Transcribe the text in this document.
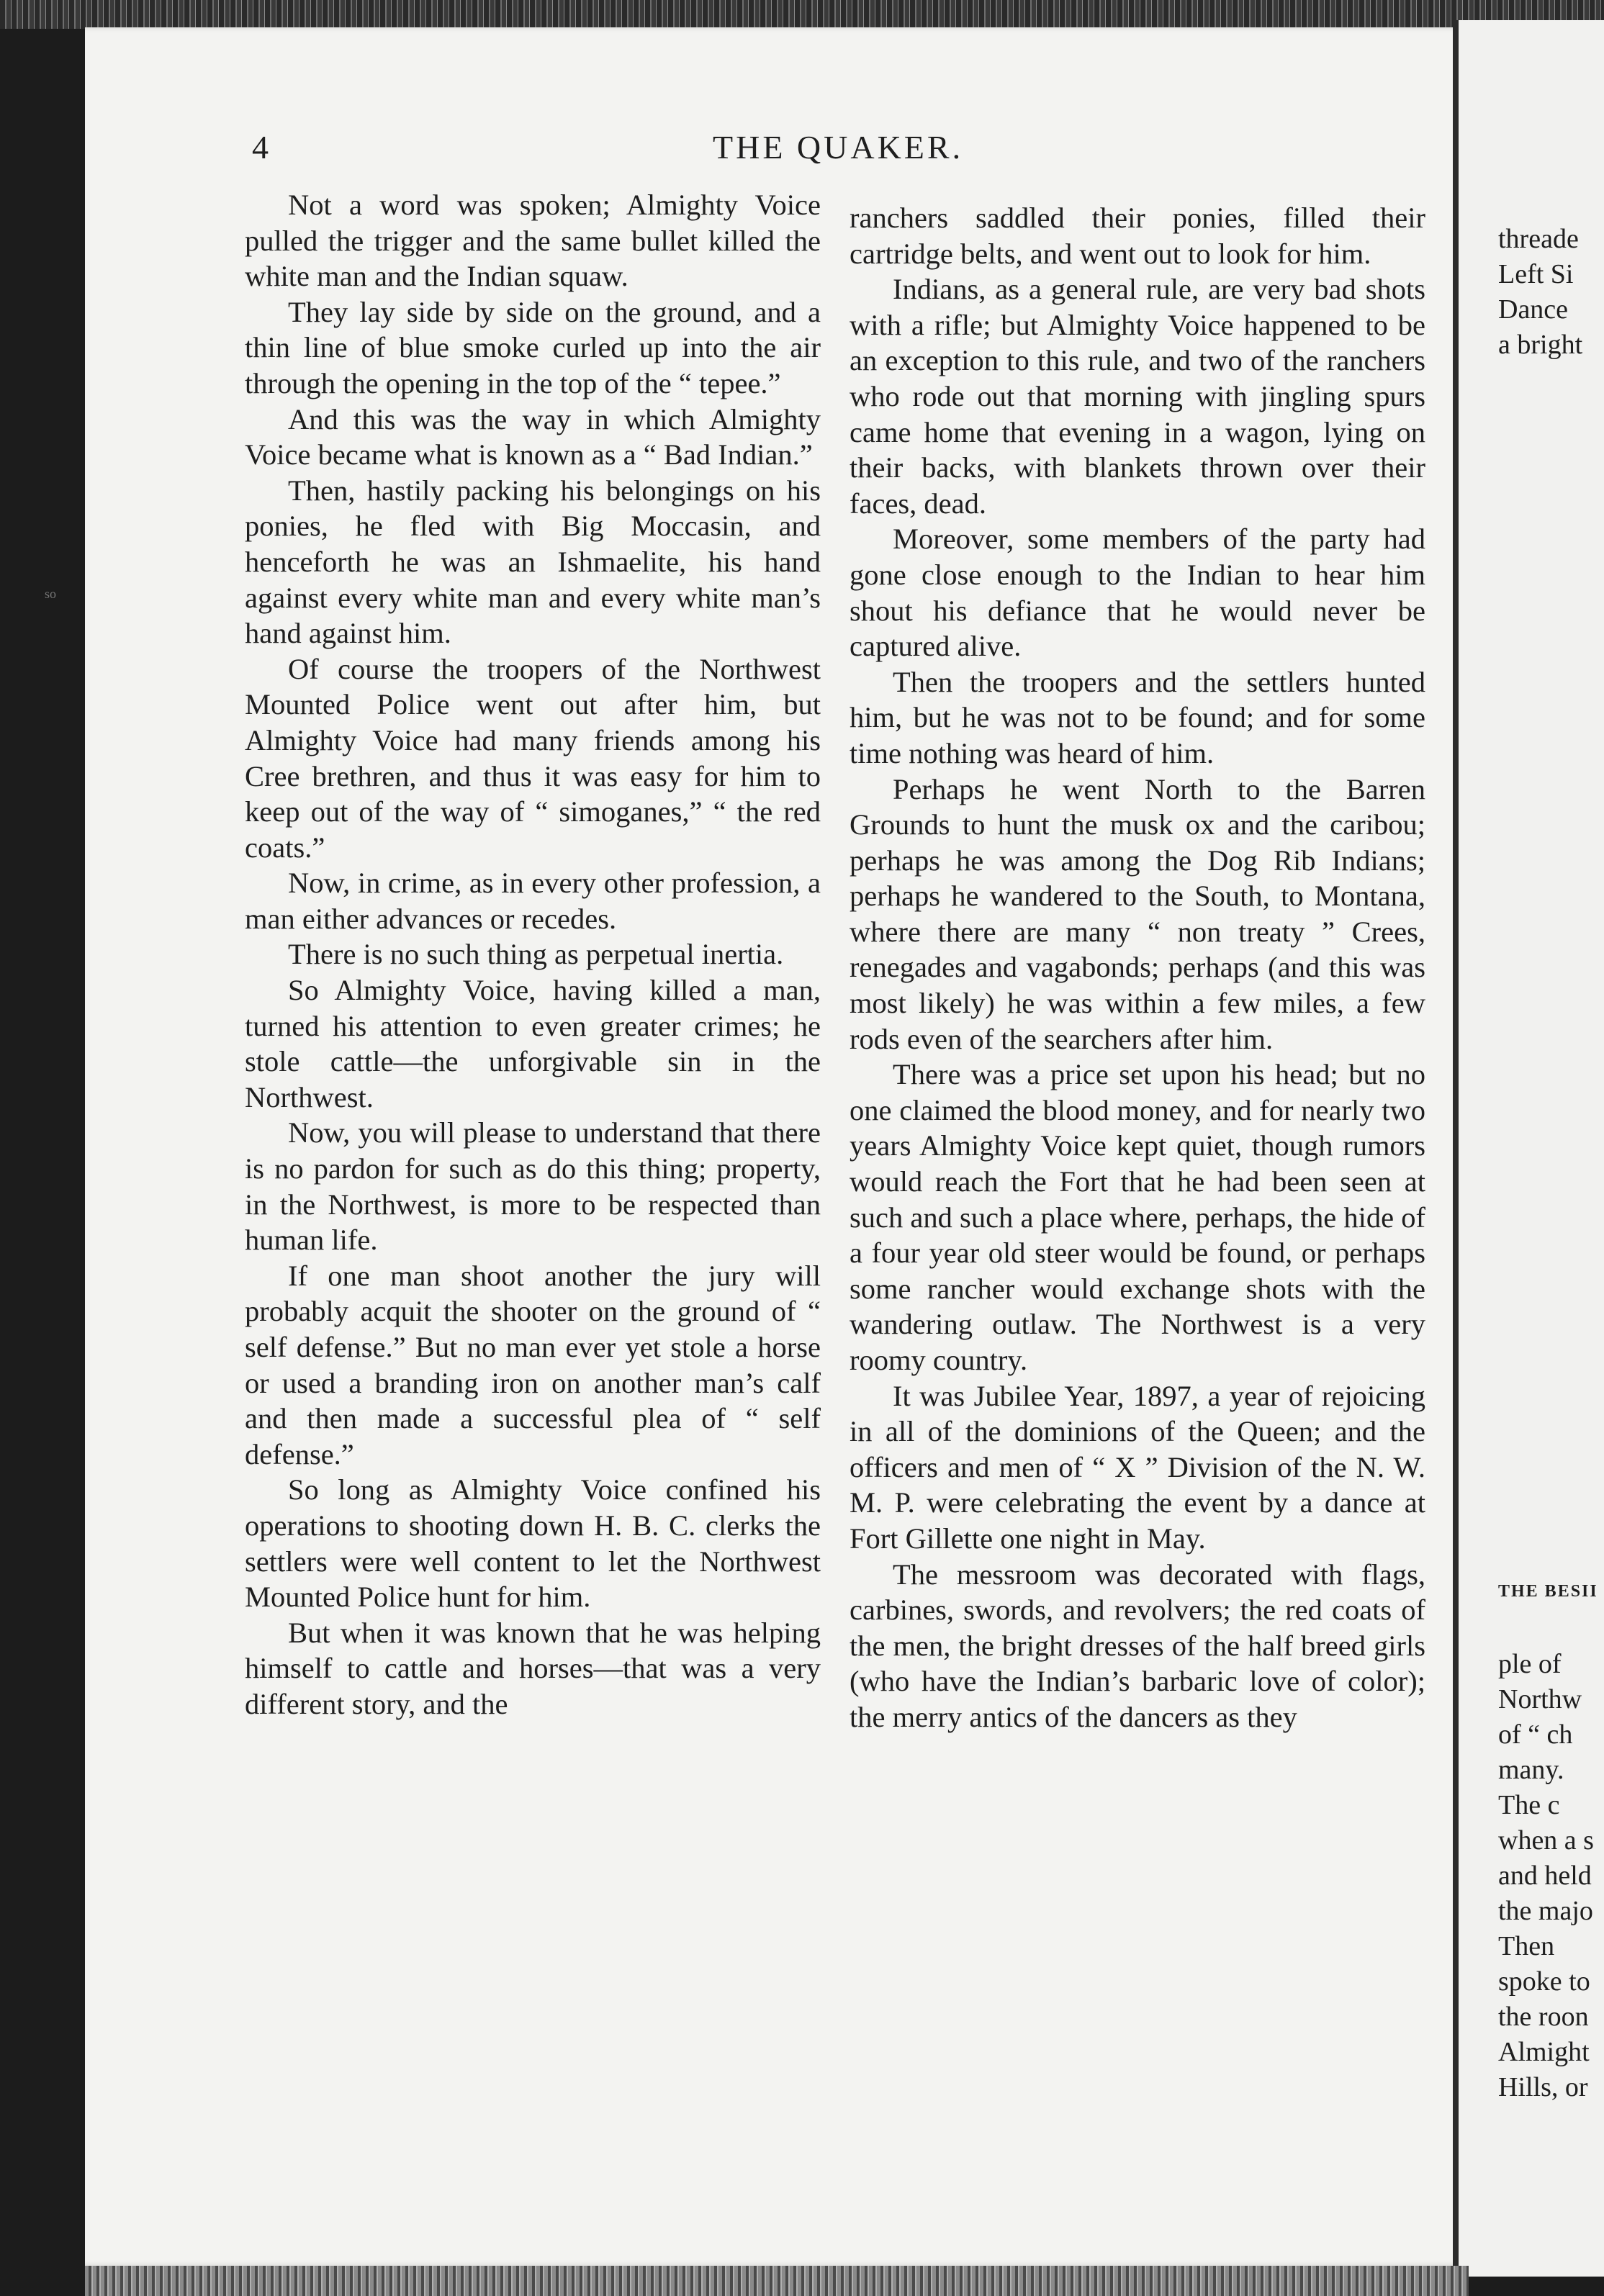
4	THE QUAKER.
so

Not a word was spoken; Almighty Voice pulled the trigger and the same bullet killed the white man and the Indian squaw.

They lay side by side on the ground, and a thin line of blue smoke curled up into the air through the opening in the top of the “ tepee.”

And this was the way in which Almighty Voice became what is known as a “ Bad Indian.”

Then, hastily packing his belongings on his ponies, he fled with Big Moccasin, and henceforth he was an Ishmaelite, his hand against every white man and every white man’s hand against him.

Of course the troopers of the Northwest Mounted Police went out after him, but Almighty Voice had many friends among his Cree brethren, and thus it was easy for him to keep out of the way of “ simoganes,” “ the red coats.”

Now, in crime, as in every other profession, a man either advances or recedes.

There is no such thing as perpetual inertia.

So Almighty Voice, having killed a man, turned his attention to even greater crimes; he stole cattle—the unforgivable sin in the Northwest.

Now, you will please to understand that there is no pardon for such as do this thing; property, in the Northwest, is more to be respected than human life.

If one man shoot another the jury will probably acquit the shooter on the ground of “ self defense.” But no man ever yet stole a horse or used a branding iron on another man’s calf and then made a successful plea of “ self defense.”

So long as Almighty Voice confined his operations to shooting down H. B. C. clerks the settlers were well content to let the Northwest Mounted Police hunt for him.

But when it was known that he was helping himself to cattle and horses—that was a very different story, and the

ranchers saddled their ponies, filled their cartridge belts, and went out to look for him.

Indians, as a general rule, are very bad shots with a rifle; but Almighty Voice happened to be an exception to this rule, and two of the ranchers who rode out that morning with jingling spurs came home that evening in a wagon, lying on their backs, with blankets thrown over their faces, dead.

Moreover, some members of the party had gone close enough to the Indian to hear him shout his defiance that he would never be captured alive.

Then the troopers and the settlers hunted him, but he was not to be found; and for some time nothing was heard of him.

Perhaps he went North to the Barren Grounds to hunt the musk ox and the caribou; perhaps he was among the Dog Rib Indians; perhaps he wandered to the South, to Montana, where there are many “ non treaty ” Crees, renegades and vagabonds; perhaps (and this was most likely) he was within a few miles, a few rods even of the searchers after him.

There was a price set upon his head; but no one claimed the blood money, and for nearly two years Almighty Voice kept quiet, though rumors would reach the Fort that he had been seen at such and such a place where, perhaps, the hide of a four year old steer would be found, or perhaps some rancher would exchange shots with the wandering outlaw. The Northwest is a very roomy country.

It was Jubilee Year, 1897, a year of rejoicing in all of the dominions of the Queen; and the officers and men of “ X ” Division of the N. W. M. P. were celebrating the event by a dance at Fort Gillette one night in May.

The messroom was decorated with flags, carbines, swords, and revolvers; the red coats of the men, the bright dresses of the half breed girls (who have the Indian’s barbaric love of color); the merry antics of the dancers as they

threade
Left Si
Dance
a bright
THE BESII
ple of
Northw
of “ ch
many.
The c
when a s
and held
the majo
Then
spoke to
the roon
Almight
Hills, or
